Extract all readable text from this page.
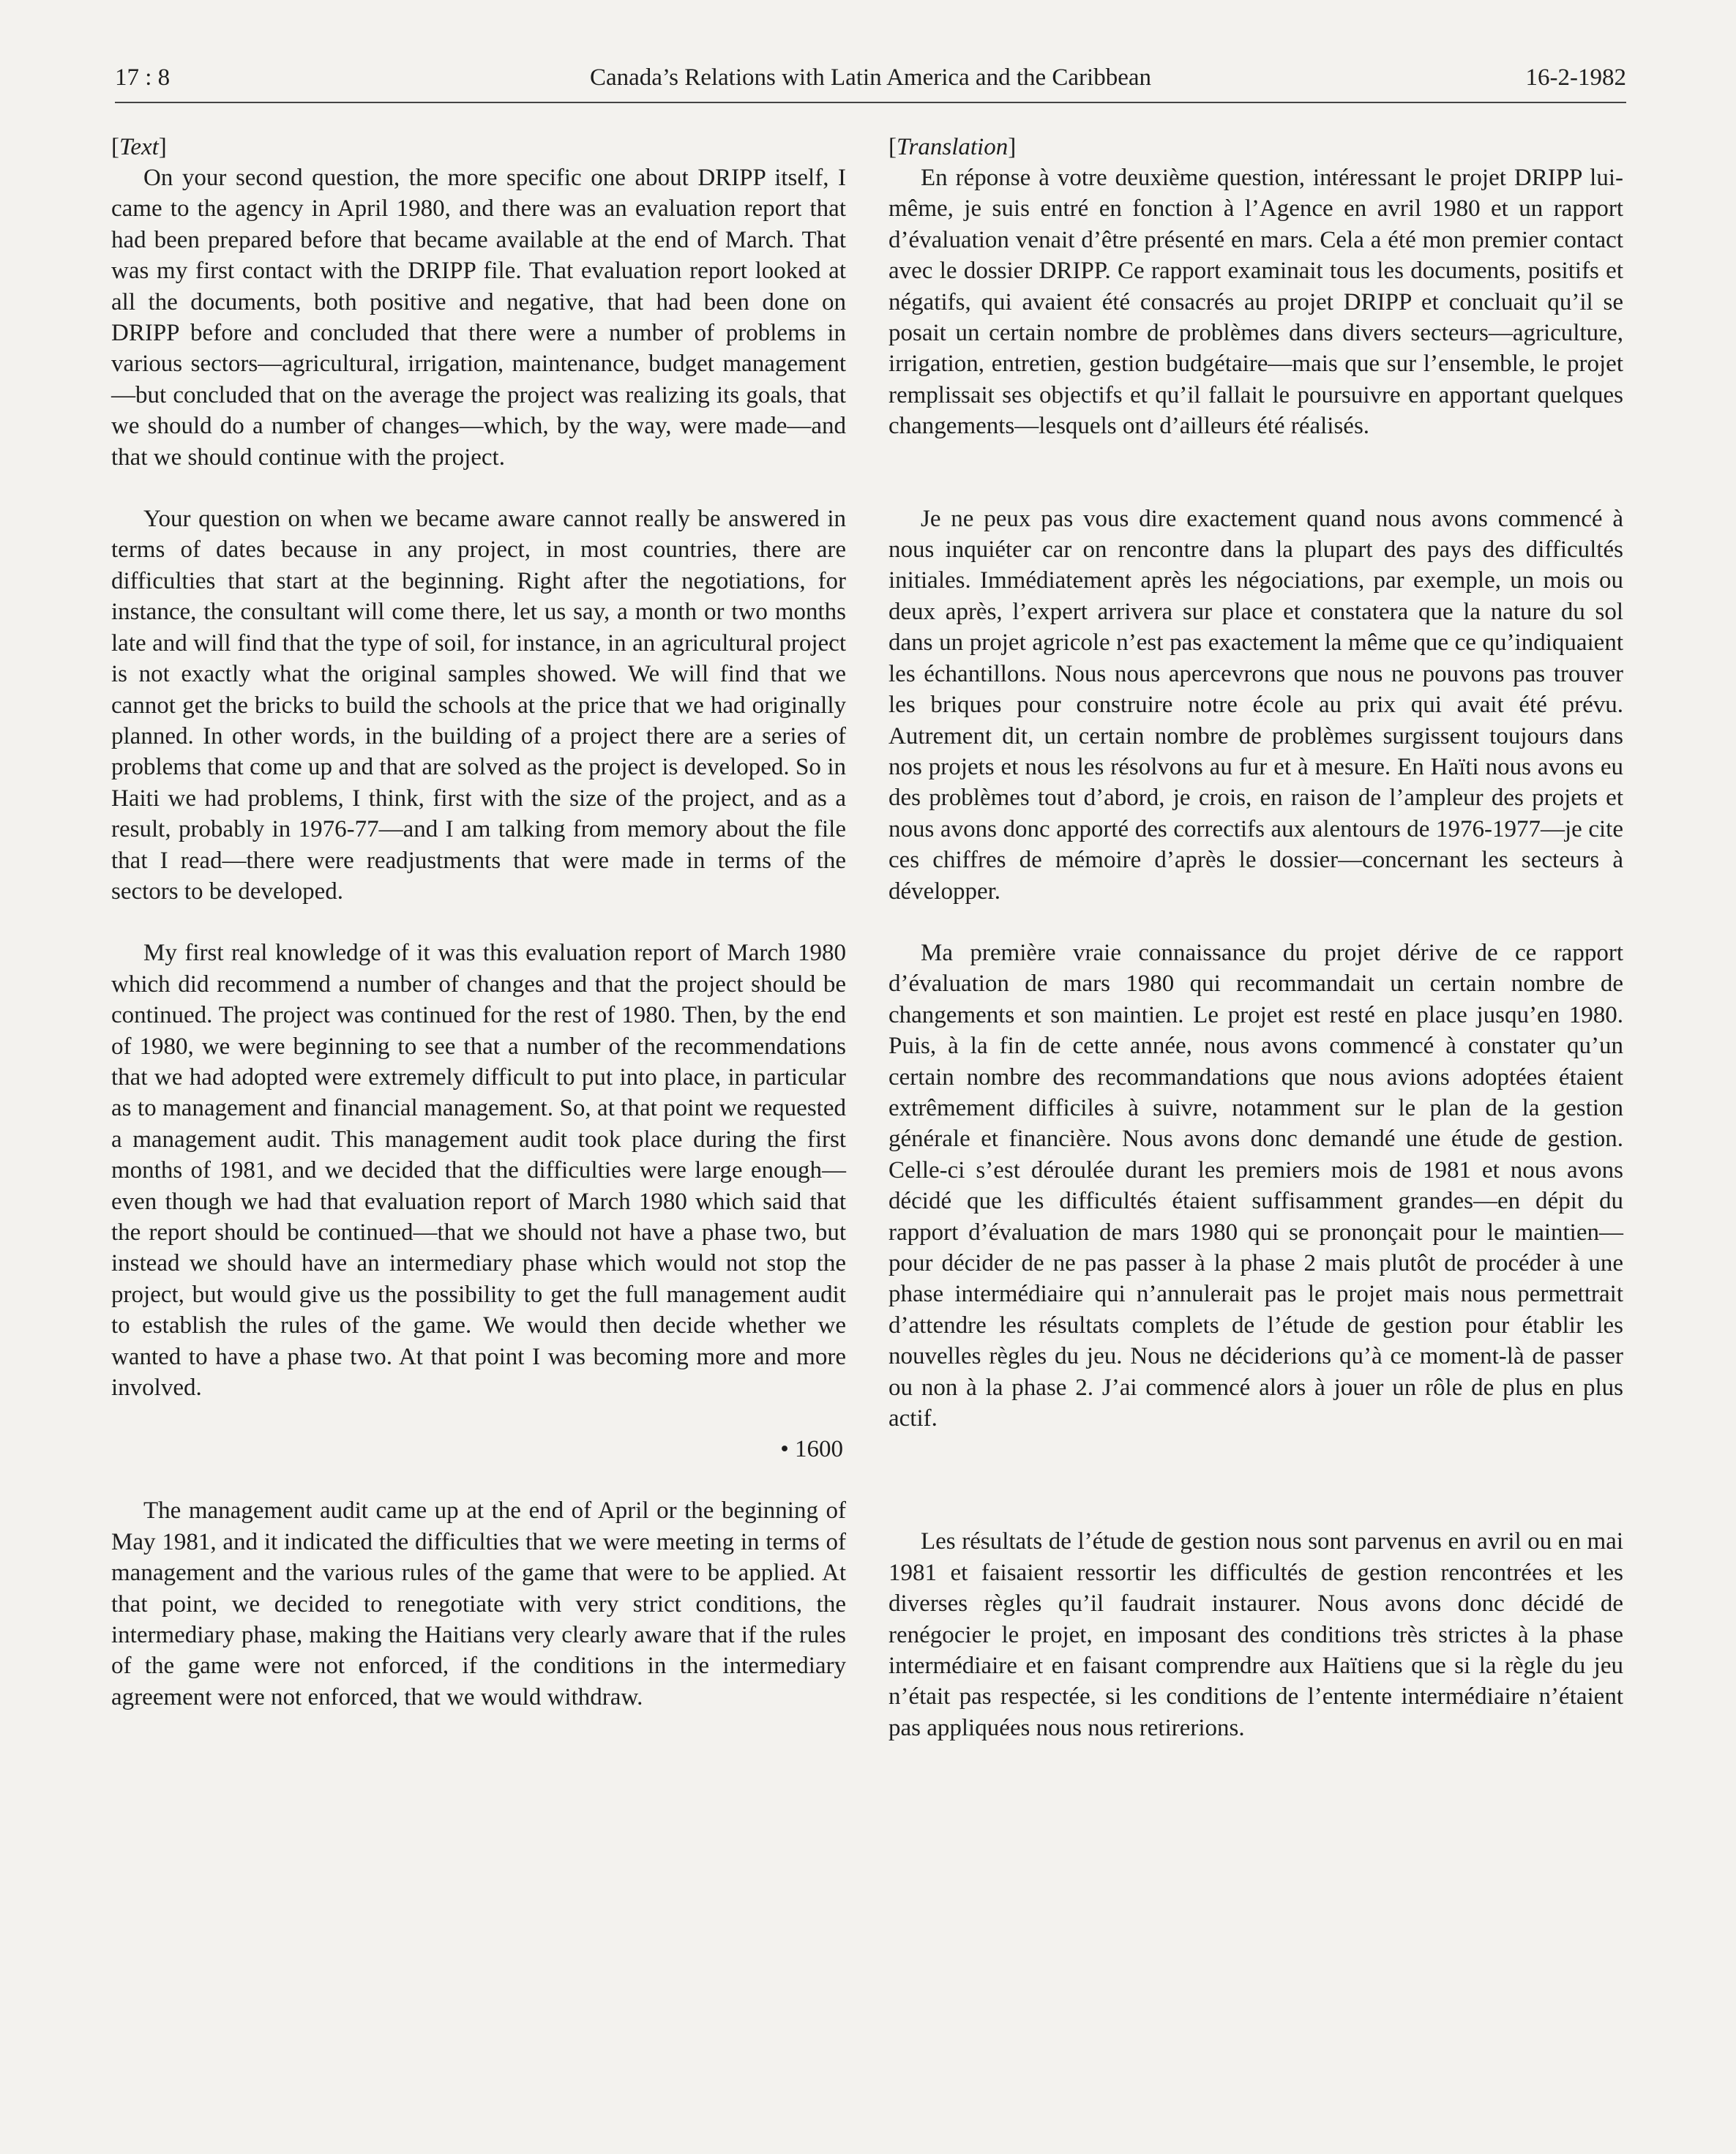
17 : 8	Canada’s Relations with Latin America and the Caribbean	16-2-1982
[Text]

On your second question, the more specific one about DRIPP itself, I came to the agency in April 1980, and there was an evaluation report that had been prepared before that became available at the end of March. That was my first contact with the DRIPP file. That evaluation report looked at all the documents, both positive and negative, that had been done on DRIPP before and concluded that there were a number of problems in various sectors—agricultural, irrigation, maintenance, budget management—but concluded that on the average the project was realizing its goals, that we should do a number of changes—which, by the way, were made—and that we should continue with the project.

Your question on when we became aware cannot really be answered in terms of dates because in any project, in most countries, there are difficulties that start at the beginning. Right after the negotiations, for instance, the consultant will come there, let us say, a month or two months late and will find that the type of soil, for instance, in an agricultural project is not exactly what the original samples showed. We will find that we cannot get the bricks to build the schools at the price that we had originally planned. In other words, in the building of a project there are a series of problems that come up and that are solved as the project is developed. So in Haiti we had problems, I think, first with the size of the project, and as a result, probably in 1976-77—and I am talking from memory about the file that I read—there were readjustments that were made in terms of the sectors to be developed.

My first real knowledge of it was this evaluation report of March 1980 which did recommend a number of changes and that the project should be continued. The project was continued for the rest of 1980. Then, by the end of 1980, we were beginning to see that a number of the recommendations that we had adopted were extremely difficult to put into place, in particular as to management and financial management. So, at that point we requested a management audit. This management audit took place during the first months of 1981, and we decided that the difficulties were large enough—even though we had that evaluation report of March 1980 which said that the report should be continued—that we should not have a phase two, but instead we should have an intermediary phase which would not stop the project, but would give us the possibility to get the full management audit to establish the rules of the game. We would then decide whether we wanted to have a phase two. At that point I was becoming more and more involved.

• 1600

The management audit came up at the end of April or the beginning of May 1981, and it indicated the difficulties that we were meeting in terms of management and the various rules of the game that were to be applied. At that point, we decided to renegotiate with very strict conditions, the intermediary phase, making the Haitians very clearly aware that if the rules of the game were not enforced, if the conditions in the intermediary agreement were not enforced, that we would withdraw.

[Translation]

En réponse à votre deuxième question, intéressant le projet DRIPP lui-même, je suis entré en fonction à l’Agence en avril 1980 et un rapport d’évaluation venait d’être présenté en mars. Cela a été mon premier contact avec le dossier DRIPP. Ce rapport examinait tous les documents, positifs et négatifs, qui avaient été consacrés au projet DRIPP et concluait qu’il se posait un certain nombre de problèmes dans divers secteurs—agriculture, irrigation, entretien, gestion budgétaire—mais que sur l’ensemble, le projet remplissait ses objectifs et qu’il fallait le poursuivre en apportant quelques changements—lesquels ont d’ailleurs été réalisés.

Je ne peux pas vous dire exactement quand nous avons commencé à nous inquiéter car on rencontre dans la plupart des pays des difficultés initiales. Immédiatement après les négociations, par exemple, un mois ou deux après, l’expert arrivera sur place et constatera que la nature du sol dans un projet agricole n’est pas exactement la même que ce qu’indiquaient les échantillons. Nous nous apercevrons que nous ne pouvons pas trouver les briques pour construire notre école au prix qui avait été prévu. Autrement dit, un certain nombre de problèmes surgissent toujours dans nos projets et nous les résolvons au fur et à mesure. En Haïti nous avons eu des problèmes tout d’abord, je crois, en raison de l’ampleur des projets et nous avons donc apporté des correctifs aux alentours de 1976-1977—je cite ces chiffres de mémoire d’après le dossier—concernant les secteurs à développer.

Ma première vraie connaissance du projet dérive de ce rapport d’évaluation de mars 1980 qui recommandait un certain nombre de changements et son maintien. Le projet est resté en place jusqu’en 1980. Puis, à la fin de cette année, nous avons commencé à constater qu’un certain nombre des recommandations que nous avions adoptées étaient extrêmement difficiles à suivre, notamment sur le plan de la gestion générale et financière. Nous avons donc demandé une étude de gestion. Celle-ci s’est déroulée durant les premiers mois de 1981 et nous avons décidé que les difficultés étaient suffisamment grandes—en dépit du rapport d’évaluation de mars 1980 qui se prononçait pour le maintien—pour décider de ne pas passer à la phase 2 mais plutôt de procéder à une phase intermédiaire qui n’annulerait pas le projet mais nous permettrait d’attendre les résultats complets de l’étude de gestion pour établir les nouvelles règles du jeu. Nous ne déciderions qu’à ce moment-là de passer ou non à la phase 2. J’ai commencé alors à jouer un rôle de plus en plus actif.

Les résultats de l’étude de gestion nous sont parvenus en avril ou en mai 1981 et faisaient ressortir les difficultés de gestion rencontrées et les diverses règles qu’il faudrait instaurer. Nous avons donc décidé de renégocier le projet, en imposant des conditions très strictes à la phase intermédiaire et en faisant comprendre aux Haïtiens que si la règle du jeu n’était pas respectée, si les conditions de l’entente intermédiaire n’étaient pas appliquées nous nous retirerions.
